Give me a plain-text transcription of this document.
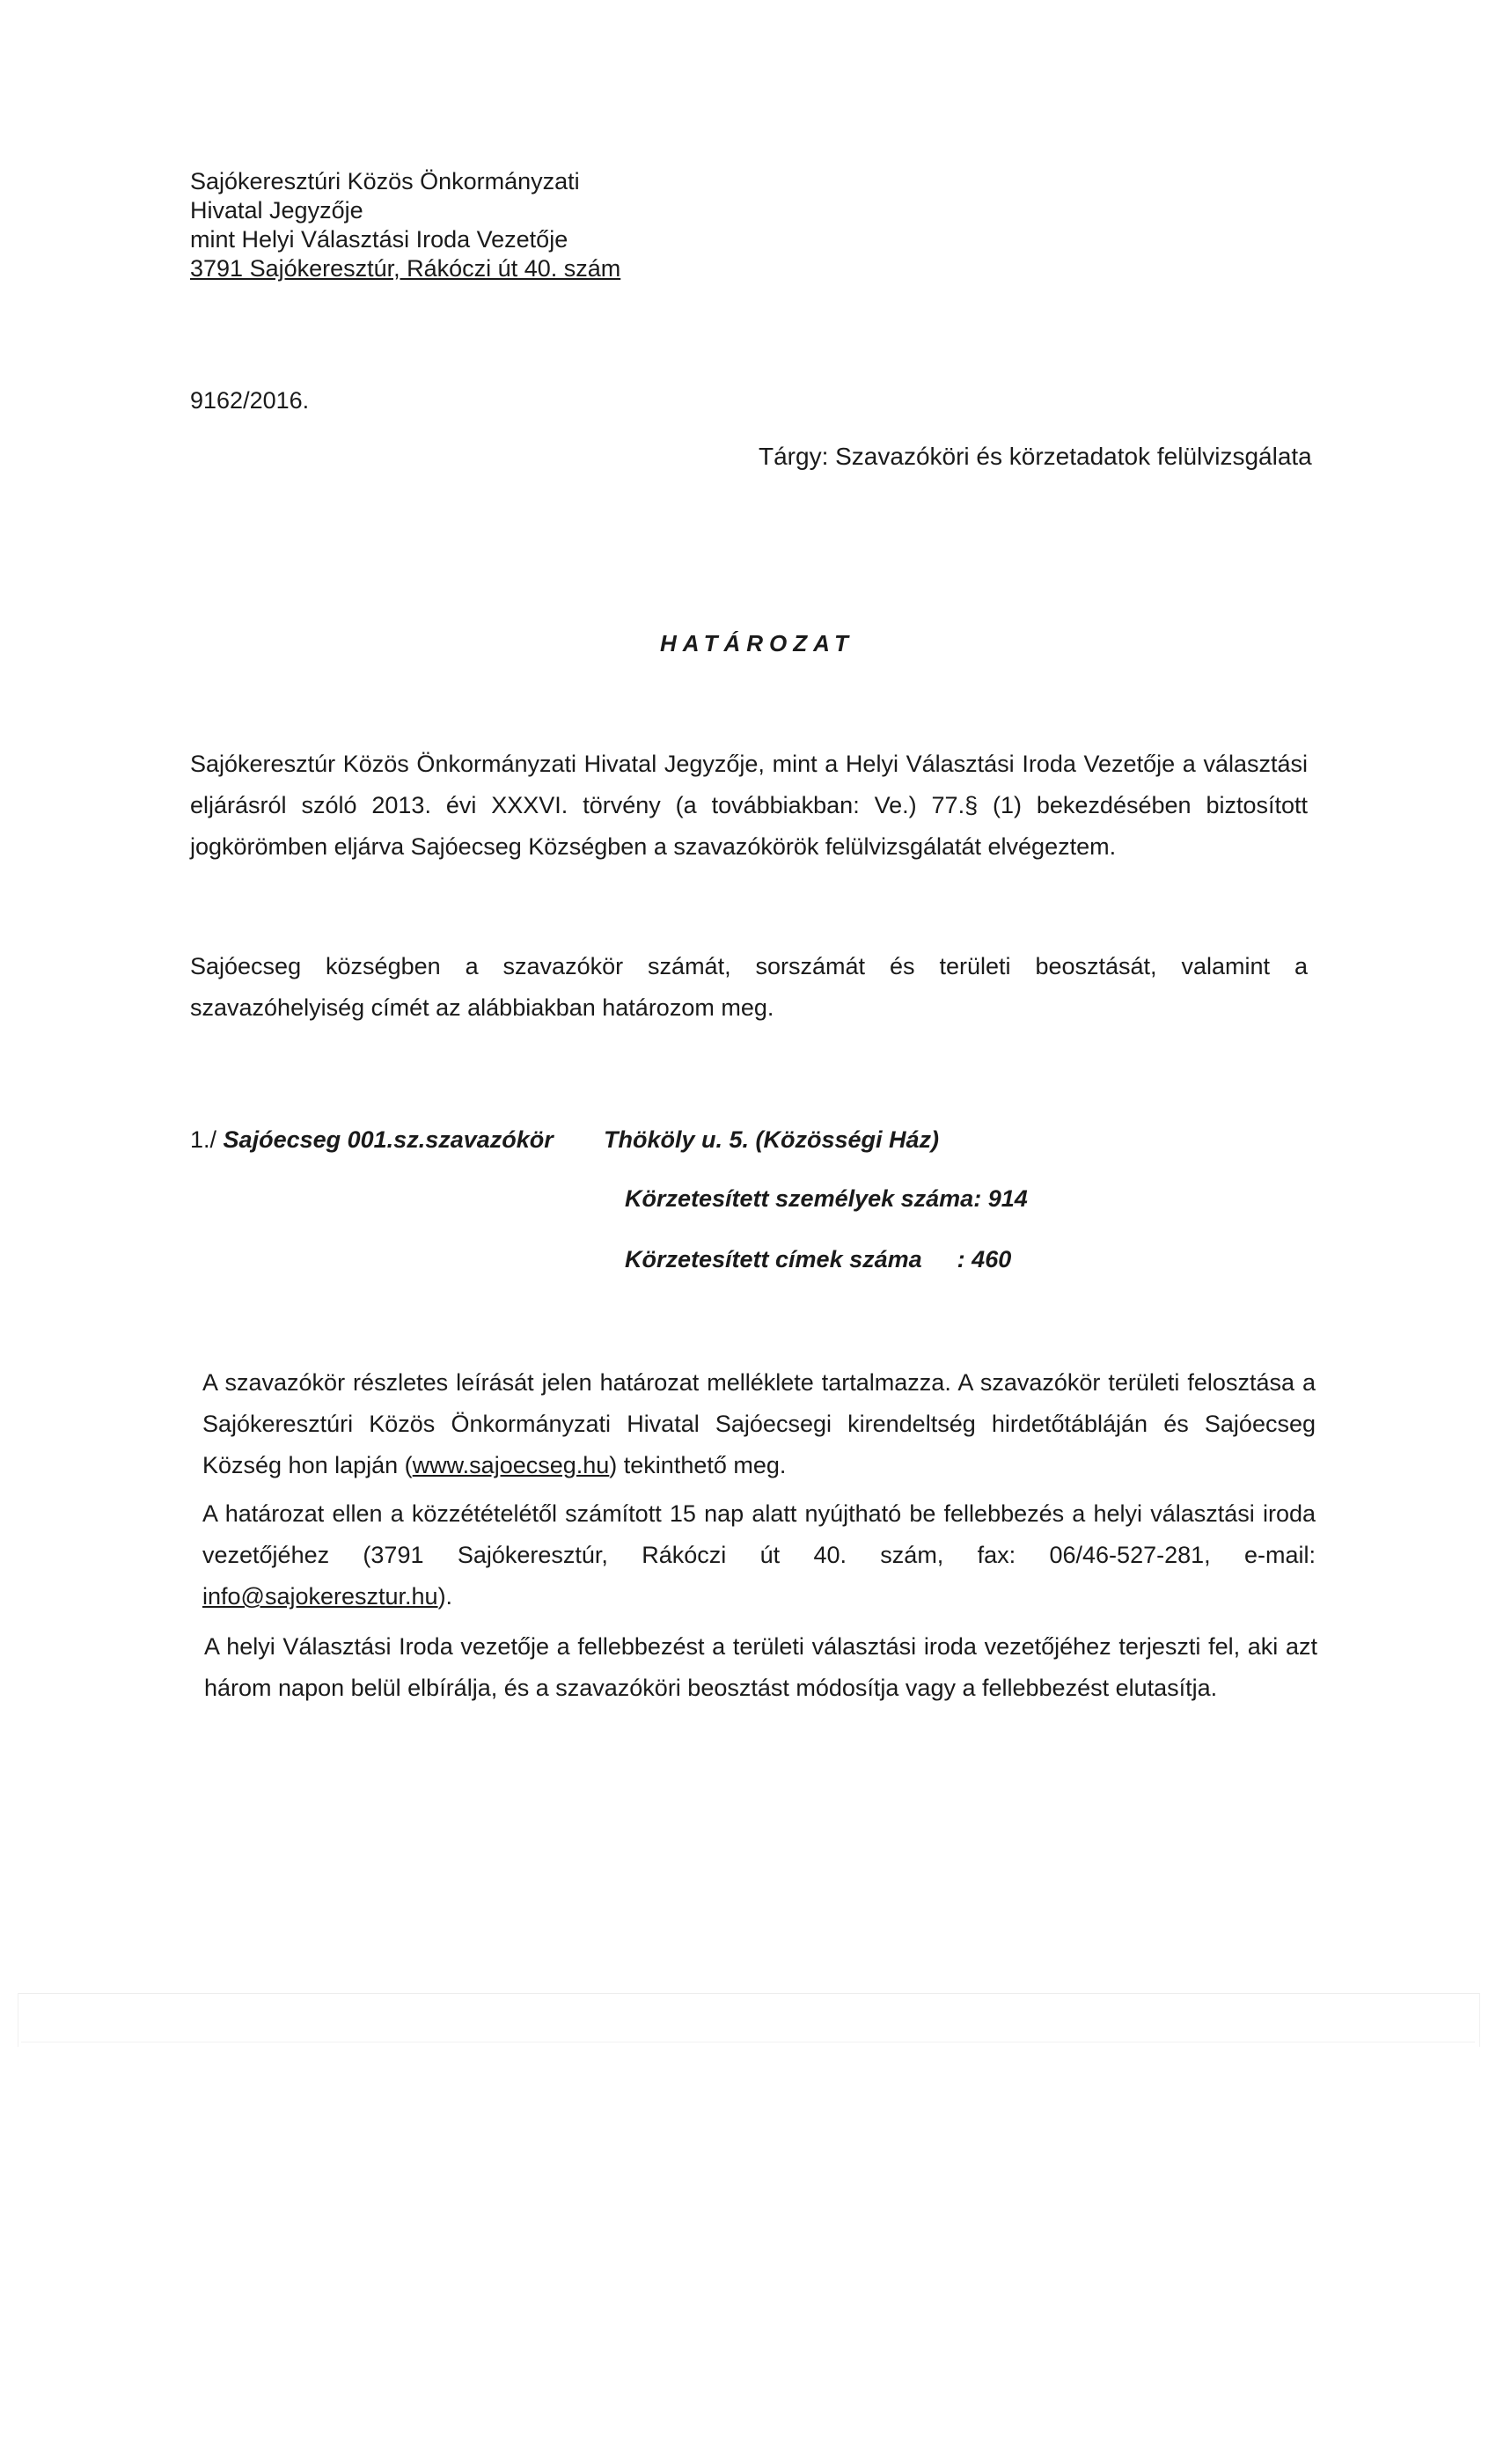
Sajókeresztúri Közös Önkormányzati
Hivatal Jegyzője
mint Helyi Választási Iroda Vezetője
3791 Sajókeresztúr, Rákóczi út 40. szám
9162/2016.
Tárgy: Szavazóköri és körzetadatok felülvizsgálata
HATÁROZAT
Sajókeresztúr Közös Önkormányzati Hivatal Jegyzője, mint a Helyi Választási Iroda Vezetője a választási eljárásról szóló 2013. évi XXXVI. törvény (a továbbiakban: Ve.) 77.§ (1) bekezdésében biztosított jogkörömben eljárva Sajóecseg Községben a szavazókörök felülvizsgálatát elvégeztem.
Sajóecseg községben a szavazókör számát, sorszámát és területi beosztását, valamint a szavazóhelyiség címét az alábbiakban határozom meg.
1./ Sajóecseg 001.sz.szavazókör Thököly u. 5. (Közösségi Ház)
Körzetesített személyek száma: 914
Körzetesített címek száma : 460
A szavazókör részletes leírását jelen határozat melléklete tartalmazza. A szavazókör területi felosztása a Sajókeresztúri Közös Önkormányzati Hivatal Sajóecsegi kirendeltség hirdetőtábláján és Sajóecseg Község hon lapján (www.sajoecseg.hu) tekinthető meg.
A határozat ellen a közzétételétől számított 15 nap alatt nyújtható be fellebbezés a helyi választási iroda vezetőjéhez (3791 Sajókeresztúr, Rákóczi út 40. szám, fax: 06/46-527-281, e-mail: info@sajokeresztur.hu).
A helyi Választási Iroda vezetője a fellebbezést a területi választási iroda vezetőjéhez terjeszti fel, aki azt három napon belül elbírálja, és a szavazóköri beosztást módosítja vagy a fellebbezést elutasítja.
